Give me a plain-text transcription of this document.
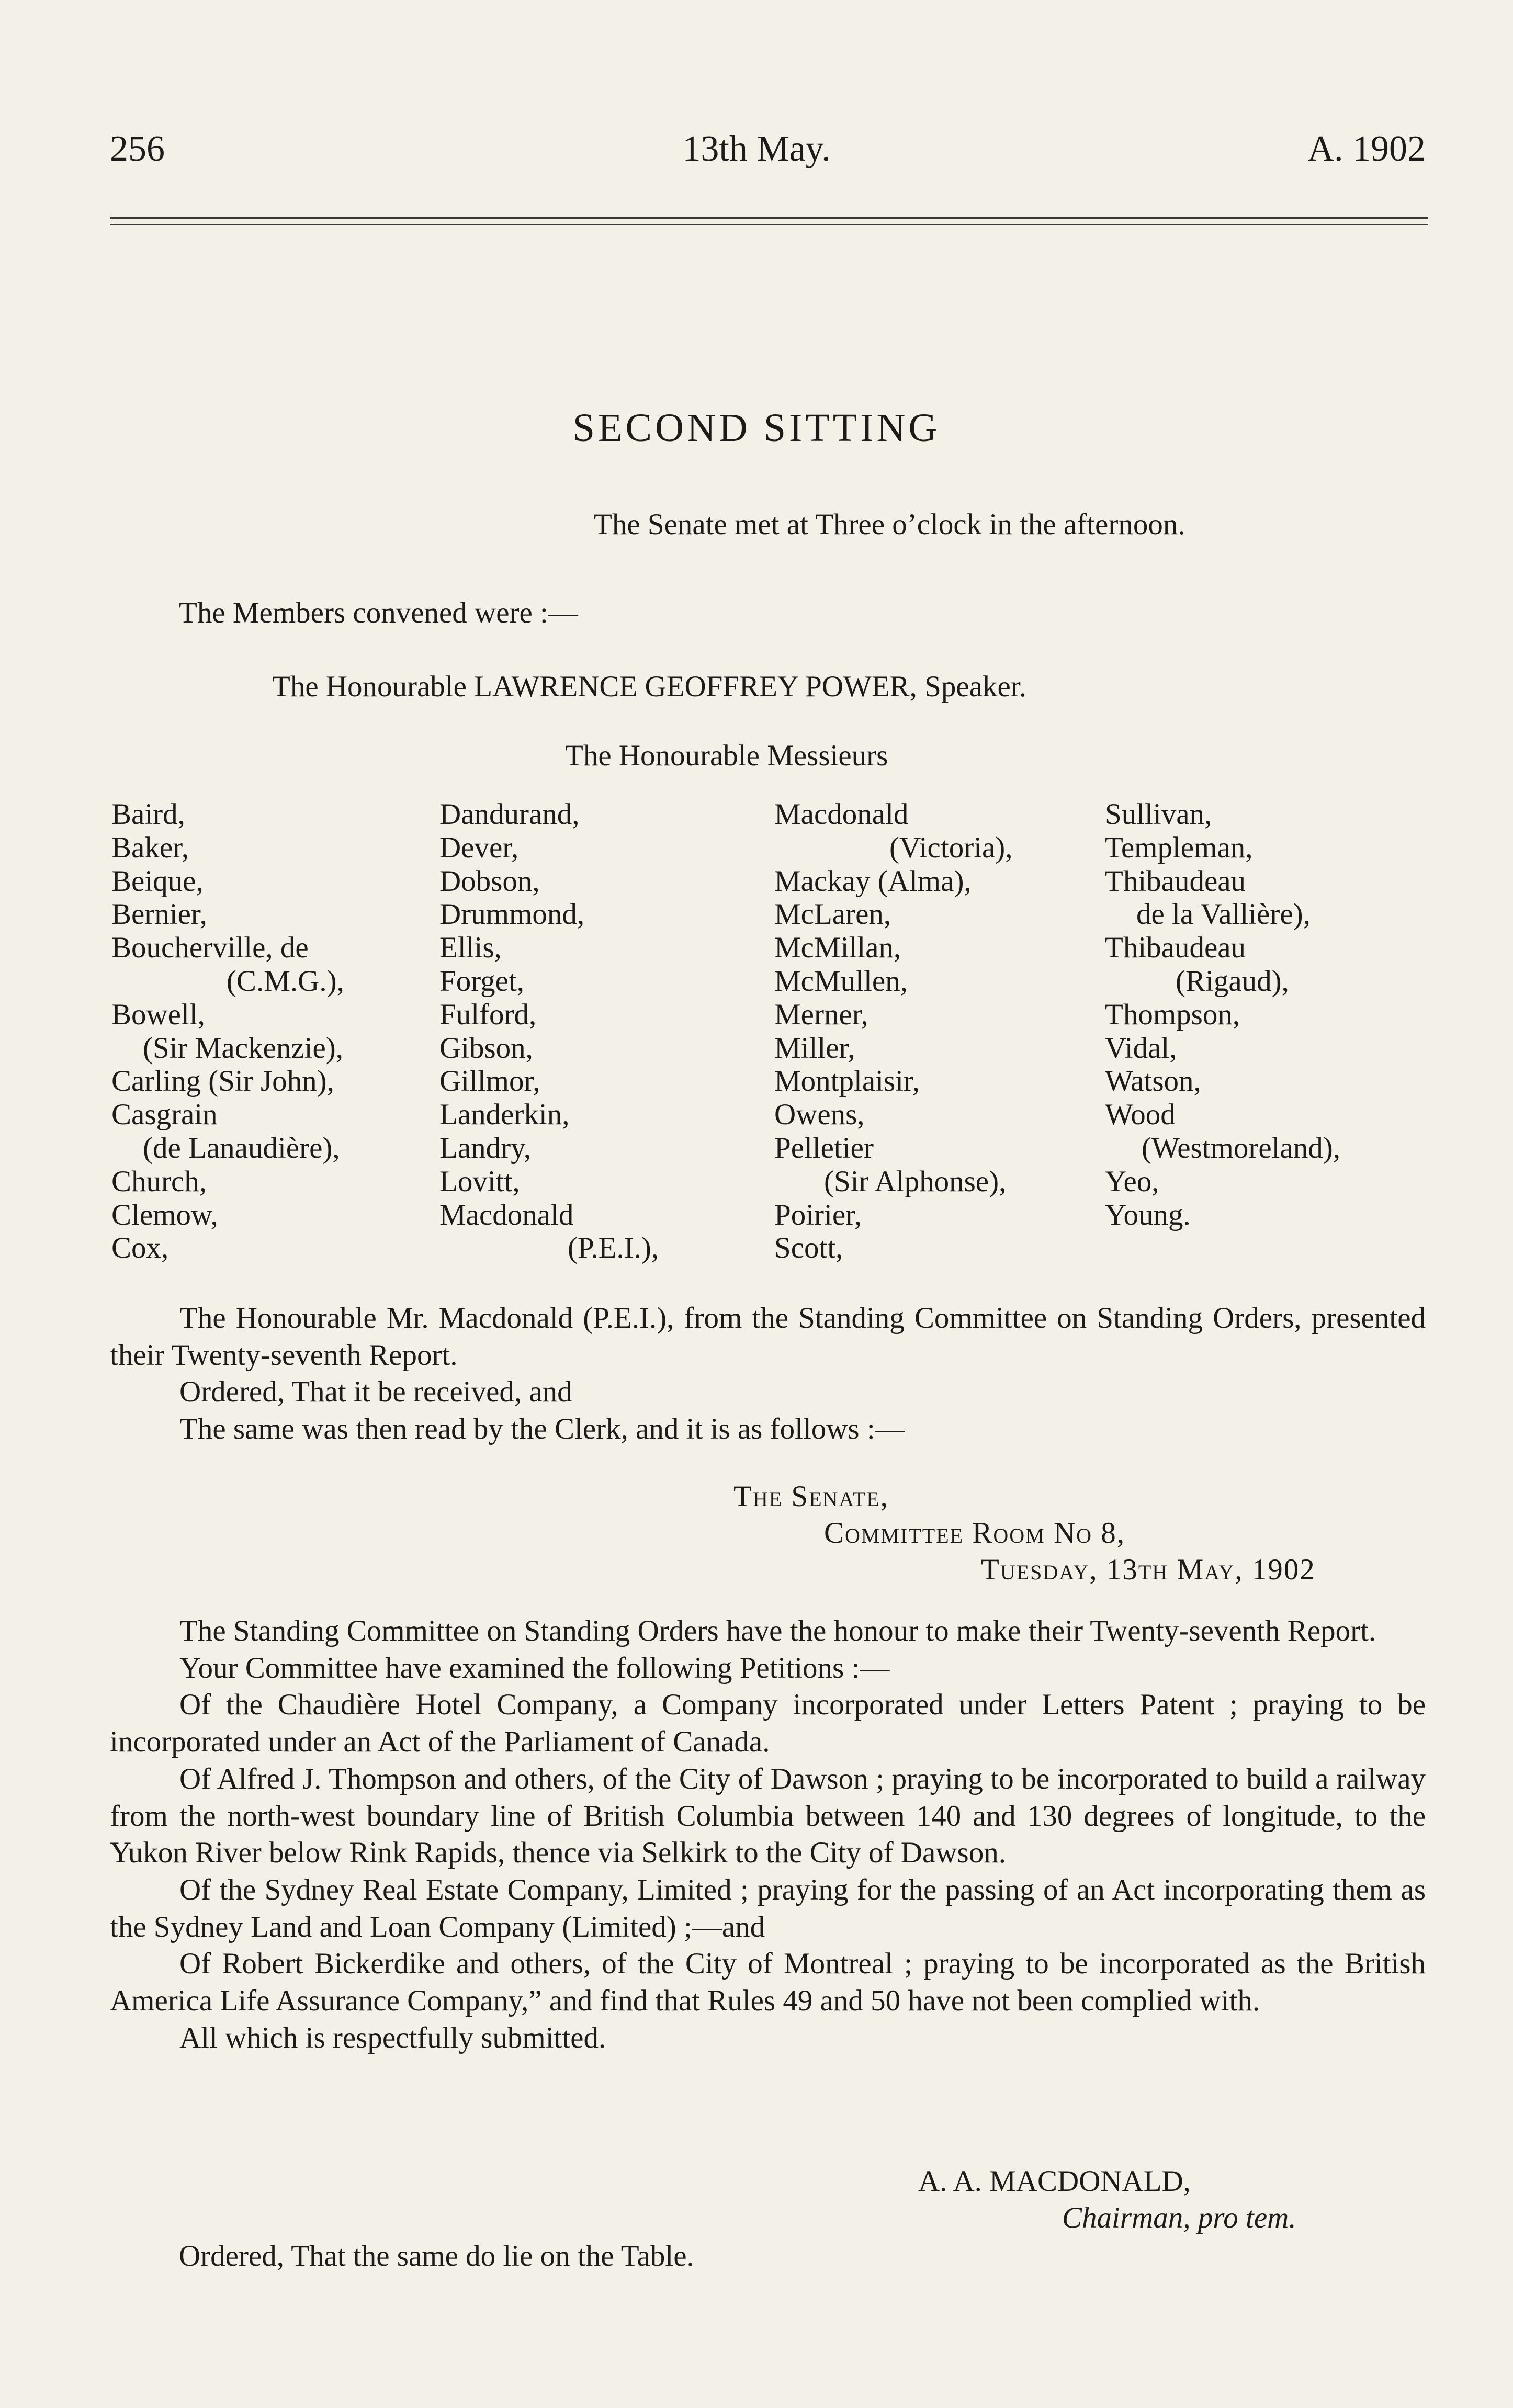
256	13th May.	A. 1902
SECOND SITTING
The Senate met at Three o’clock in the afternoon.
The Members convened were :—
The Honourable LAWRENCE GEOFFREY POWER, Speaker.
The Honourable Messieurs
Baird,
Baker,
Beique,
Bernier,
Boucherville, de
(C.M.G.),
Bowell,
(Sir Mackenzie),
Carling (Sir John),
Casgrain
(de Lanaudière),
Church,
Clemow,
Cox,
Dandurand,
Dever,
Dobson,
Drummond,
Ellis,
Forget,
Fulford,
Gibson,
Gillmor,
Landerkin,
Landry,
Lovitt,
Macdonald
(P.E.I.),
Macdonald
(Victoria),
Mackay (Alma),
McLaren,
McMillan,
McMullen,
Merner,
Miller,
Montplaisir,
Owens,
Pelletier
(Sir Alphonse),
Poirier,
Scott,
Sullivan,
Templeman,
Thibaudeau
de la Vallière),
Thibaudeau
(Rigaud),
Thompson,
Vidal,
Watson,
Wood
(Westmoreland),
Yeo,
Young.

The Honourable Mr. Macdonald (P.E.I.), from the Standing Committee on Standing Orders, presented their Twenty-seventh Report.

Ordered, That it be received, and

The same was then read by the Clerk, and it is as follows :—

The Senate,
Committee Room No 8,
Tuesday, 13th May, 1902

The Standing Committee on Standing Orders have the honour to make their Twenty-seventh Report.

Your Committee have examined the following Petitions :—

Of the Chaudière Hotel Company, a Company incorporated under Letters Patent ; praying to be incorporated under an Act of the Parliament of Canada.

Of Alfred J. Thompson and others, of the City of Dawson ; praying to be incorporated to build a railway from the north-west boundary line of British Columbia between 140 and 130 degrees of longitude, to the Yukon River below Rink Rapids, thence via Selkirk to the City of Dawson.

Of the Sydney Real Estate Company, Limited ; praying for the passing of an Act incorporating them as the Sydney Land and Loan Company (Limited) ;—and

Of Robert Bickerdike and others, of the City of Montreal ; praying to be incorporated as the British America Life Assurance Company,” and find that Rules 49 and 50 have not been complied with.

All which is respectfully submitted.

A. A. MACDONALD,
Chairman, pro tem.
Ordered, That the same do lie on the Table.
